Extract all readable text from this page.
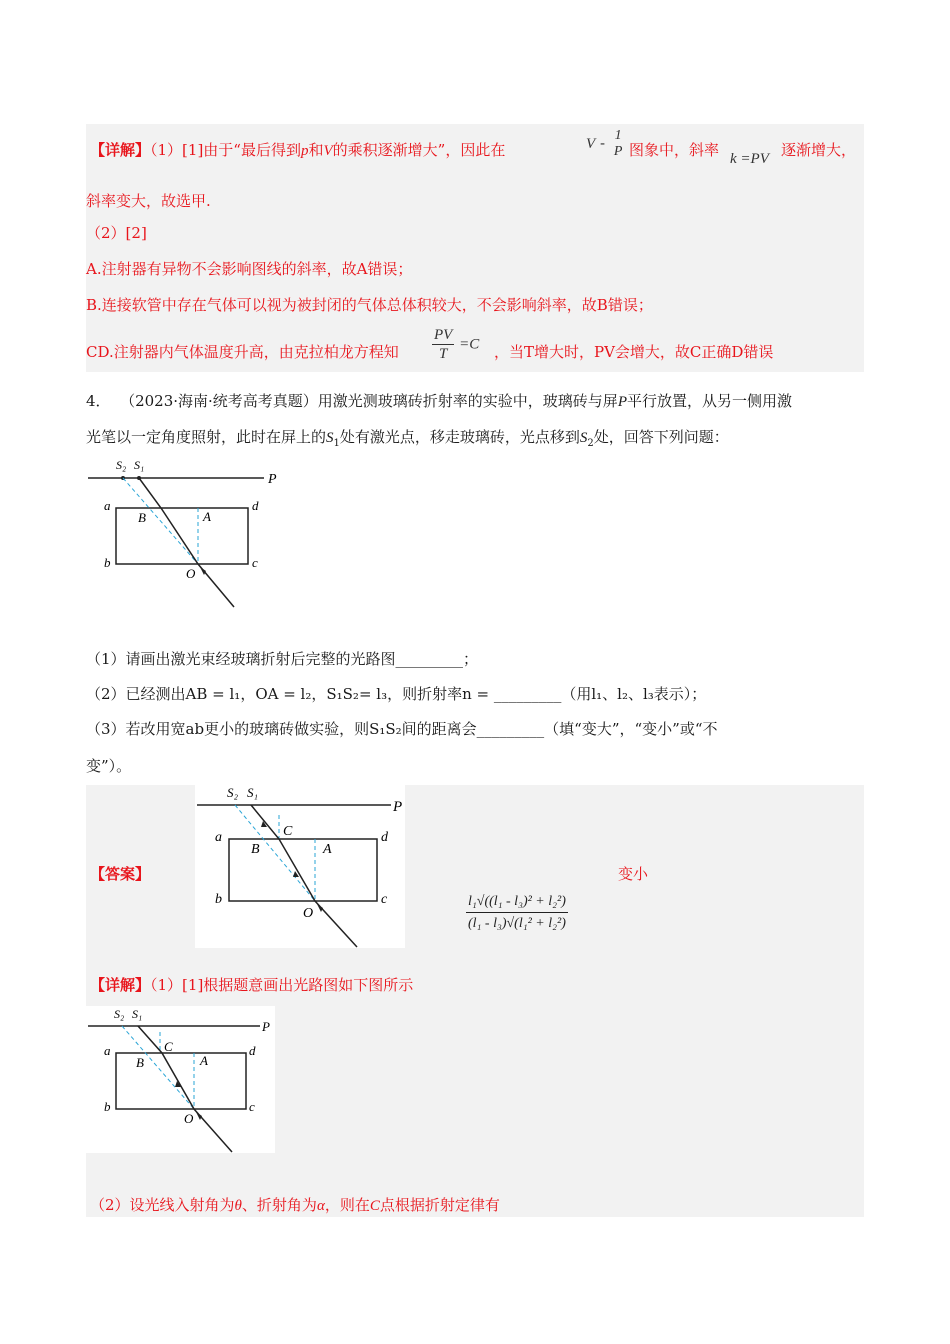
【详解】（1）[1]由于“最后得到p和V的乘积逐渐增大”，因此在	V - 1
P 图象中，斜率 k =PV 逐渐增大，
斜率变大，故选甲.
（2）[2]
A.注射器有异物不会影响图线的斜率，故A错误；
B.连接软管中存在气体可以视为被封闭的气体总体积较大，不会影响斜率，故B错误；
CD.注射器内气体温度升高，由克拉柏龙方程知 $\frac{PV}{T} =C$ ，当T增大时，PV会增大，故C正确D错误
4． （2023·海南·统考高考真题）用激光测玻璃砖折射率的实验中，玻璃砖与屏P平行放置，从另一侧用激
光笔以一定角度照射，此时在屏上的$S_1$处有激光点，移走玻璃砖，光点移到$S_2$处，回答下列问题：
P
S₂ S₁
a
b	c
d
B	A
O
（1）请画出激光束经玻璃折射后完整的光路图_________；
（2）已经测出AB = l₁，OA = l₂，S₁S₂= l₃，则折射率n = _________（用l₁、l₂、l₃表示）；
（3）若改用宽ab更小的玻璃砖做实验，则S₁S₂间的距离会_________（填“变大”，“变小”或“不
变”）。
【答案】
P
S₂ S₁
a
b	c
d
B
C
A
O
l₁√((l₁ - l₃)² + l₂²)
(l₁ - l₃)√(l₁² + l₂²)
变小
【详解】（1）[1]根据题意画出光路图如下图所示
P
S₂ S₁
a
b	c
d
B
C
A
O
（2）设光线入射角为θ、折射角为α，则在C点根据折射定律有
